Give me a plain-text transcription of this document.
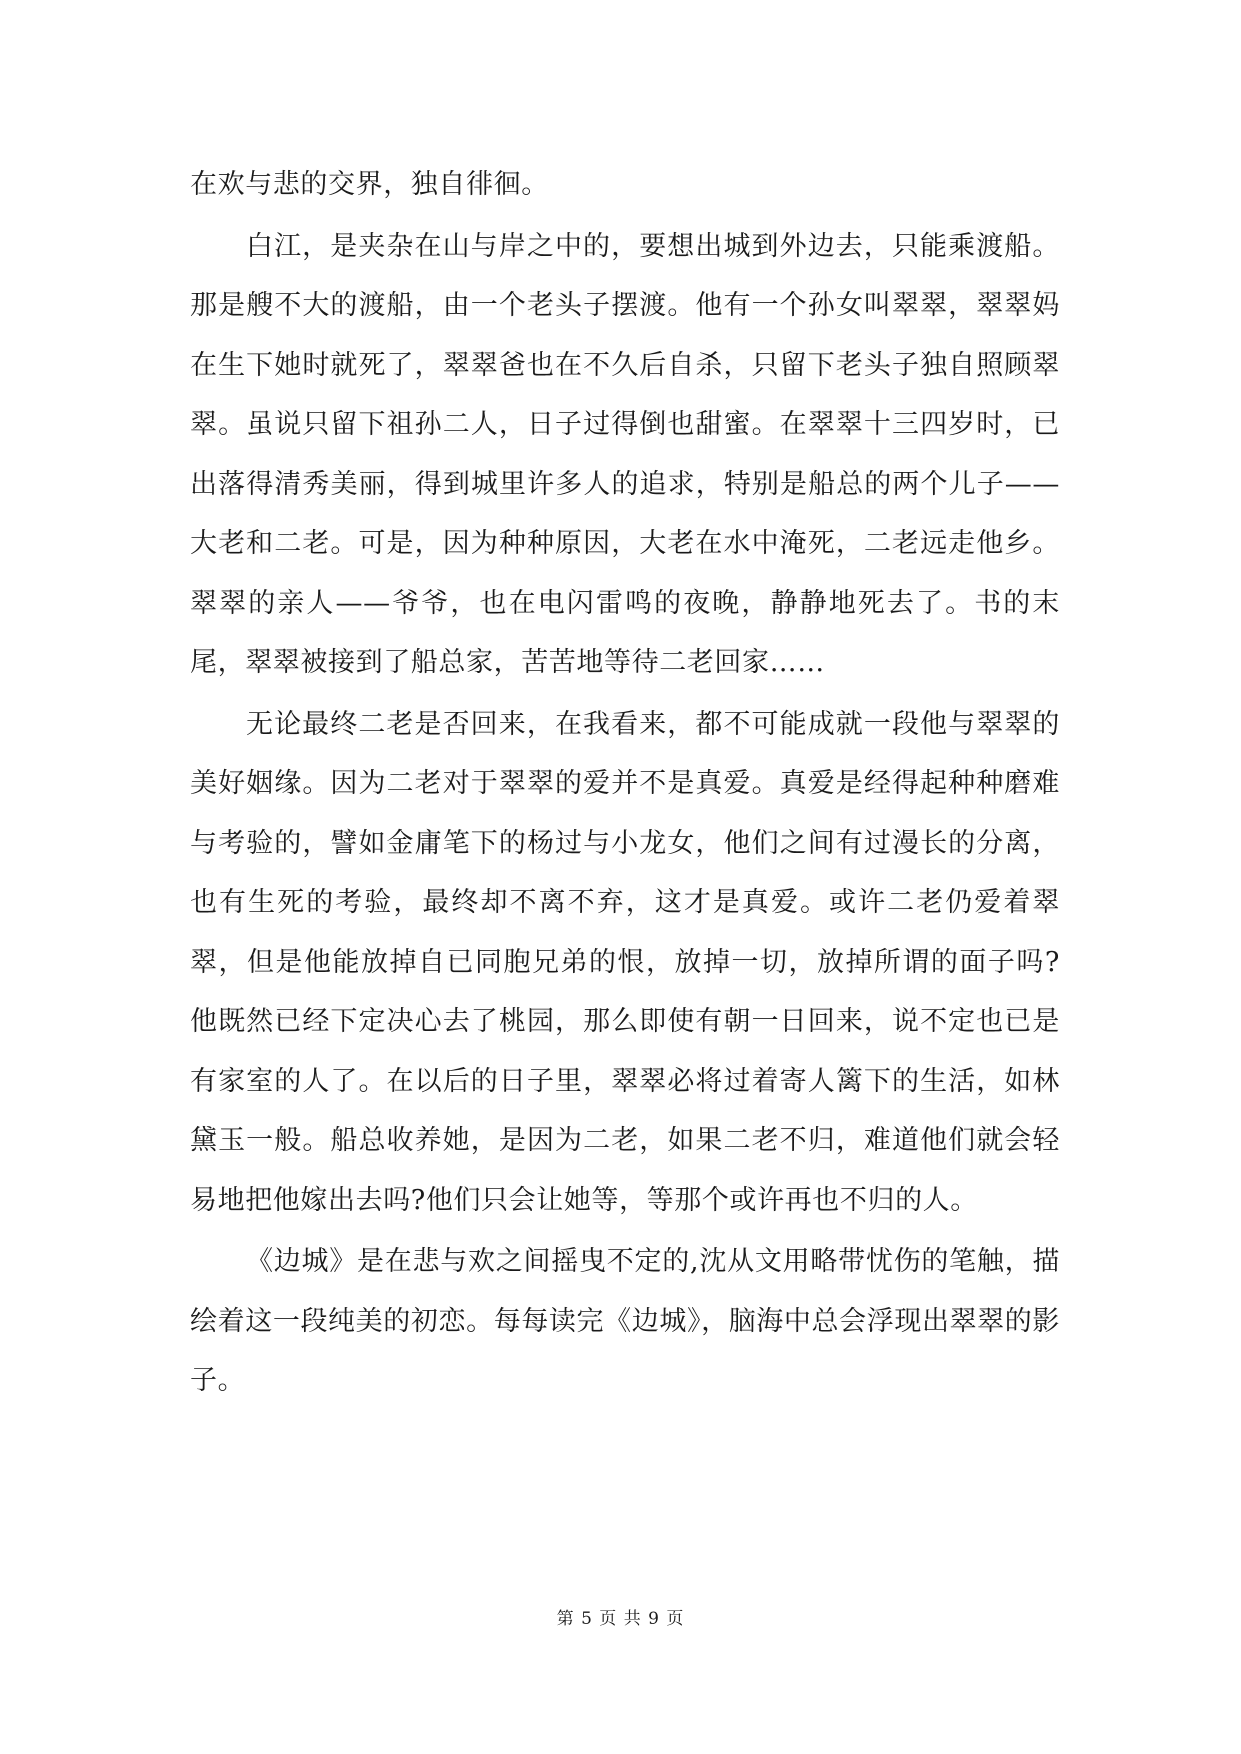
在欢与悲的交界，独自徘徊。

白江，是夹杂在山与岸之中的，要想出城到外边去，只能乘渡船。那是艘不大的渡船，由一个老头子摆渡。他有一个孙女叫翠翠，翠翠妈在生下她时就死了，翠翠爸也在不久后自杀，只留下老头子独自照顾翠翠。虽说只留下祖孙二人，日子过得倒也甜蜜。在翠翠十三四岁时，已出落得清秀美丽，得到城里许多人的追求，特别是船总的两个儿子——大老和二老。可是，因为种种原因，大老在水中淹死，二老远走他乡。翠翠的亲人——爷爷，也在电闪雷鸣的夜晚，静静地死去了。书的末尾，翠翠被接到了船总家，苦苦地等待二老回家……

无论最终二老是否回来，在我看来，都不可能成就一段他与翠翠的美好姻缘。因为二老对于翠翠的爱并不是真爱。真爱是经得起种种磨难与考验的，譬如金庸笔下的杨过与小龙女，他们之间有过漫长的分离，也有生死的考验，最终却不离不弃，这才是真爱。或许二老仍爱着翠翠，但是他能放掉自已同胞兄弟的恨，放掉一切，放掉所谓的面子吗?他既然已经下定决心去了桃园，那么即使有朝一日回来，说不定也已是有家室的人了。在以后的日子里，翠翠必将过着寄人篱下的生活，如林黛玉一般。船总收养她，是因为二老，如果二老不归，难道他们就会轻易地把他嫁出去吗?他们只会让她等，等那个或许再也不归的人。

《边城》是在悲与欢之间摇曳不定的,沈从文用略带忧伤的笔触，描绘着这一段纯美的初恋。每每读完《边城》，脑海中总会浮现出翠翠的影子。

第 5 页 共 9 页
